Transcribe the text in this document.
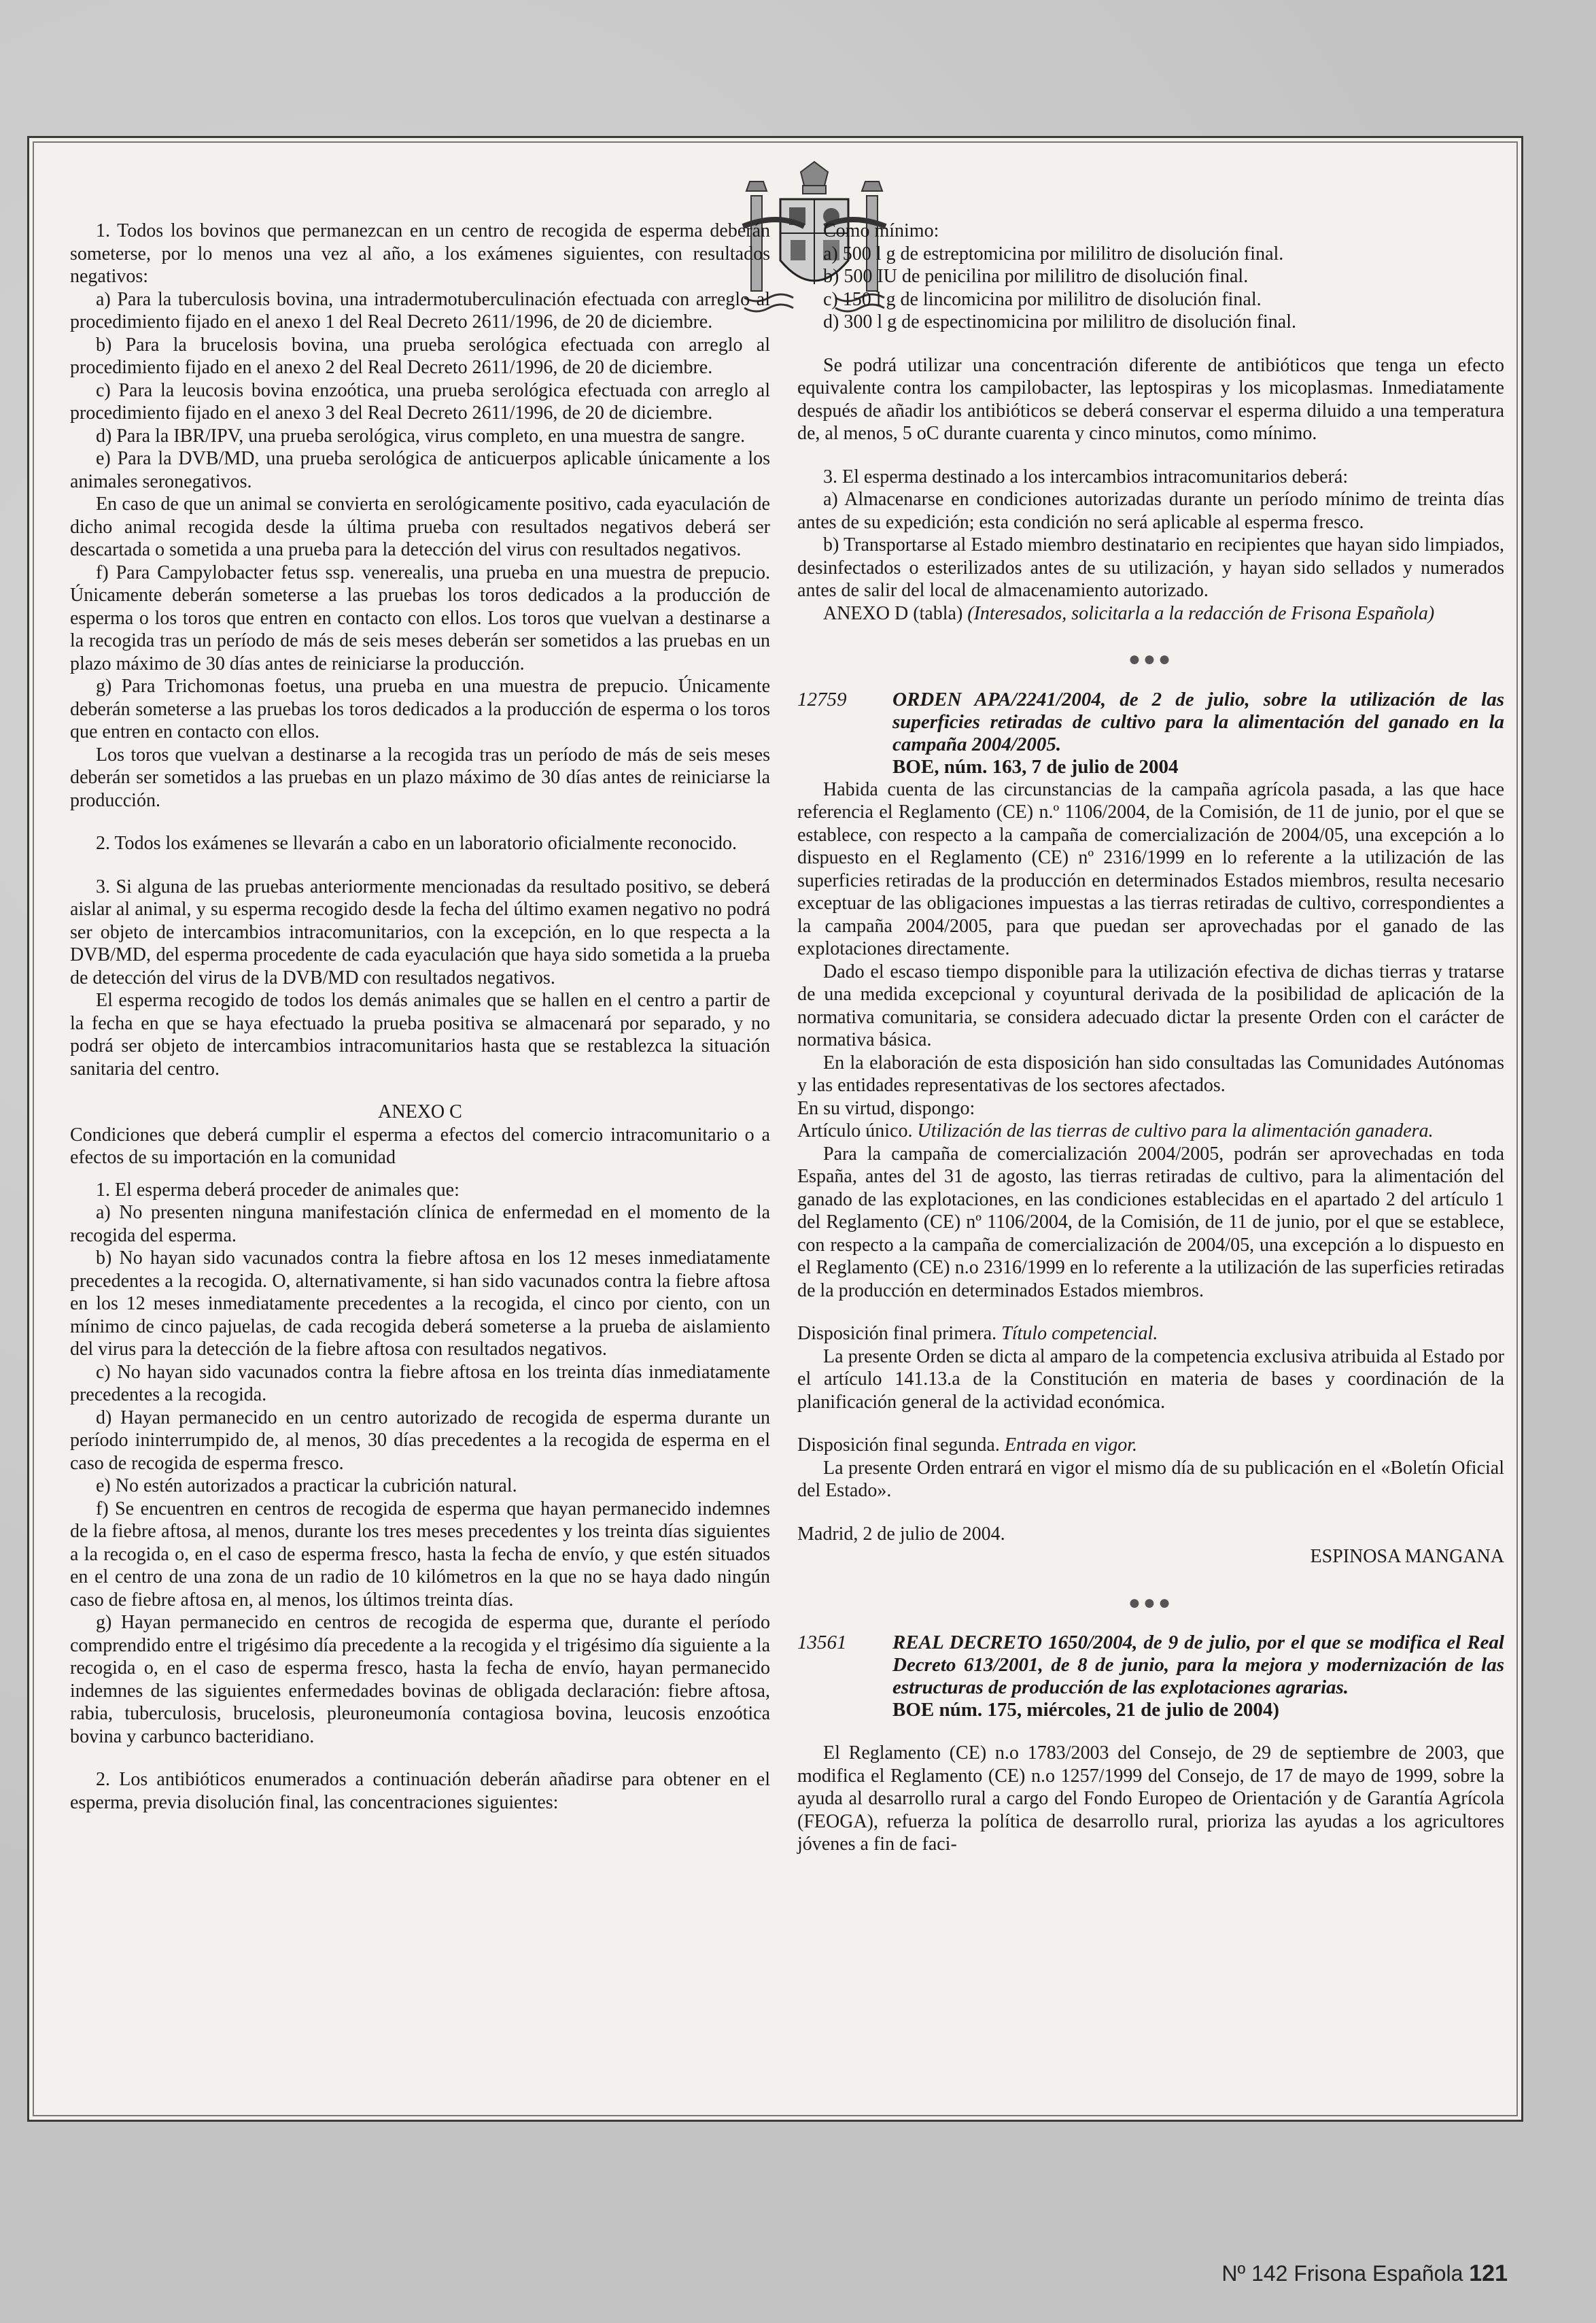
1. Todos los bovinos que permanezcan en un centro de recogida de esperma deberán someterse, por lo menos una vez al año, a los exámenes siguientes, con resultados negativos:

a) Para la tuberculosis bovina, una intradermotuberculinación efectuada con arreglo al procedimiento fijado en el anexo 1 del Real Decreto 2611/1996, de 20 de diciembre.

b) Para la brucelosis bovina, una prueba serológica efectuada con arreglo al procedimiento fijado en el anexo 2 del Real Decreto 2611/1996, de 20 de diciembre.

c) Para la leucosis bovina enzoótica, una prueba serológica efectuada con arreglo al procedimiento fijado en el anexo 3 del Real Decreto 2611/1996, de 20 de diciembre.

d) Para la IBR/IPV, una prueba serológica, virus completo, en una muestra de sangre.

e) Para la DVB/MD, una prueba serológica de anticuerpos aplicable únicamente a los animales seronegativos.

En caso de que un animal se convierta en serológicamente positivo, cada eyaculación de dicho animal recogida desde la última prueba con resultados negativos deberá ser descartada o sometida a una prueba para la detección del virus con resultados negativos.

f) Para Campylobacter fetus ssp. venerealis, una prueba en una muestra de prepucio. Únicamente deberán someterse a las pruebas los toros dedicados a la producción de esperma o los toros que entren en contacto con ellos. Los toros que vuelvan a destinarse a la recogida tras un período de más de seis meses deberán ser sometidos a las pruebas en un plazo máximo de 30 días antes de reiniciarse la producción.

g) Para Trichomonas foetus, una prueba en una muestra de prepucio. Únicamente deberán someterse a las pruebas los toros dedicados a la producción de esperma o los toros que entren en contacto con ellos.

Los toros que vuelvan a destinarse a la recogida tras un período de más de seis meses deberán ser sometidos a las pruebas en un plazo máximo de 30 días antes de reiniciarse la producción.

2. Todos los exámenes se llevarán a cabo en un laboratorio oficialmente reconocido.

3. Si alguna de las pruebas anteriormente mencionadas da resultado positivo, se deberá aislar al animal, y su esperma recogido desde la fecha del último examen negativo no podrá ser objeto de intercambios intracomunitarios, con la excepción, en lo que respecta a la DVB/MD, del esperma procedente de cada eyaculación que haya sido sometida a la prueba de detección del virus de la DVB/MD con resultados negativos.

El esperma recogido de todos los demás animales que se hallen en el centro a partir de la fecha en que se haya efectuado la prueba positiva se almacenará por separado, y no podrá ser objeto de intercambios intracomunitarios hasta que se restablezca la situación sanitaria del centro.

ANEXO C

Condiciones que deberá cumplir el esperma a efectos del comercio intracomunitario o a efectos de su importación en la comunidad

1. El esperma deberá proceder de animales que:

a) No presenten ninguna manifestación clínica de enfermedad en el momento de la recogida del esperma.

b) No hayan sido vacunados contra la fiebre aftosa en los 12 meses inmediatamente precedentes a la recogida. O, alternativamente, si han sido vacunados contra la fiebre aftosa en los 12 meses inmediatamente precedentes a la recogida, el cinco por ciento, con un mínimo de cinco pajuelas, de cada recogida deberá someterse a la prueba de aislamiento del virus para la detección de la fiebre aftosa con resultados negativos.

c) No hayan sido vacunados contra la fiebre aftosa en los treinta días inmediatamente precedentes a la recogida.

d) Hayan permanecido en un centro autorizado de recogida de esperma durante un período ininterrumpido de, al menos, 30 días precedentes a la recogida de esperma en el caso de recogida de esperma fresco.

e) No estén autorizados a practicar la cubrición natural.

f) Se encuentren en centros de recogida de esperma que hayan permanecido indemnes de la fiebre aftosa, al menos, durante los tres meses precedentes y los treinta días siguientes a la recogida o, en el caso de esperma fresco, hasta la fecha de envío, y que estén situados en el centro de una zona de un radio de 10 kilómetros en la que no se haya dado ningún caso de fiebre aftosa en, al menos, los últimos treinta días.

g) Hayan permanecido en centros de recogida de esperma que, durante el período comprendido entre el trigésimo día precedente a la recogida y el trigésimo día siguiente a la recogida o, en el caso de esperma fresco, hasta la fecha de envío, hayan permanecido indemnes de las siguientes enfermedades bovinas de obligada declaración: fiebre aftosa, rabia, tuberculosis, brucelosis, pleuroneumonía contagiosa bovina, leucosis enzoótica bovina y carbunco bacteridiano.

2. Los antibióticos enumerados a continuación deberán añadirse para obtener en el esperma, previa disolución final, las concentraciones siguientes:

Como mínimo:

a) 500 l g de estreptomicina por mililitro de disolución final.

b) 500 IU de penicilina por mililitro de disolución final.

c) 150 l g de lincomicina por mililitro de disolución final.

d) 300 l g de espectinomicina por mililitro de disolución final.

Se podrá utilizar una concentración diferente de antibióticos que tenga un efecto equivalente contra los campilobacter, las leptospiras y los micoplasmas. Inmediatamente después de añadir los antibióticos se deberá conservar el esperma diluido a una temperatura de, al menos, 5 oC durante cuarenta y cinco minutos, como mínimo.

3. El esperma destinado a los intercambios intracomunitarios deberá:

a) Almacenarse en condiciones autorizadas durante un período mínimo de treinta días antes de su expedición; esta condición no será aplicable al esperma fresco.

b) Transportarse al Estado miembro destinatario en recipientes que hayan sido limpiados, desinfectados o esterilizados antes de su utilización, y hayan sido sellados y numerados antes de salir del local de almacenamiento autorizado.

ANEXO D (tabla) (Interesados, solicitarla a la redacción de Frisona Española)

●●●
12759	ORDEN APA/2241/2004, de 2 de julio, sobre la utilización de las superficies retiradas de cultivo para la alimentación del ganado en la campaña 2004/2005.
BOE, núm. 163, 7 de julio de 2004

Habida cuenta de las circunstancias de la campaña agrícola pasada, a las que hace referencia el Reglamento (CE) n.º 1106/2004, de la Comisión, de 11 de junio, por el que se establece, con respecto a la campaña de comercialización de 2004/05, una excepción a lo dispuesto en el Reglamento (CE) nº 2316/1999 en lo referente a la utilización de las superficies retiradas de la producción en determinados Estados miembros, resulta necesario exceptuar de las obligaciones impuestas a las tierras retiradas de cultivo, correspondientes a la campaña 2004/2005, para que puedan ser aprovechadas por el ganado de las explotaciones directamente.

Dado el escaso tiempo disponible para la utilización efectiva de dichas tierras y tratarse de una medida excepcional y coyuntural derivada de la posibilidad de aplicación de la normativa comunitaria, se considera adecuado dictar la presente Orden con el carácter de normativa básica.

En la elaboración de esta disposición han sido consultadas las Comunidades Autónomas y las entidades representativas de los sectores afectados.

En su virtud, dispongo:

Artículo único. Utilización de las tierras de cultivo para la alimentación ganadera.

Para la campaña de comercialización 2004/2005, podrán ser aprovechadas en toda España, antes del 31 de agosto, las tierras retiradas de cultivo, para la alimentación del ganado de las explotaciones, en las condiciones establecidas en el apartado 2 del artículo 1 del Reglamento (CE) nº 1106/2004, de la Comisión, de 11 de junio, por el que se establece, con respecto a la campaña de comercialización de 2004/05, una excepción a lo dispuesto en el Reglamento (CE) n.o 2316/1999 en lo referente a la utilización de las superficies retiradas de la producción en determinados Estados miembros.

Disposición final primera. Título competencial.

La presente Orden se dicta al amparo de la competencia exclusiva atribuida al Estado por el artículo 141.13.a de la Constitución en materia de bases y coordinación de la planificación general de la actividad económica.

Disposición final segunda. Entrada en vigor.

La presente Orden entrará en vigor el mismo día de su publicación en el «Boletín Oficial del Estado».

Madrid, 2 de julio de 2004.

ESPINOSA MANGANA

●●●
13561	REAL DECRETO 1650/2004, de 9 de julio, por el que se modifica el Real Decreto 613/2001, de 8 de junio, para la mejora y modernización de las estructuras de producción de las explotaciones agrarias.
BOE núm. 175, miércoles, 21 de julio de 2004)

El Reglamento (CE) n.o 1783/2003 del Consejo, de 29 de septiembre de 2003, que modifica el Reglamento (CE) n.o 1257/1999 del Consejo, de 17 de mayo de 1999, sobre la ayuda al desarrollo rural a cargo del Fondo Europeo de Orientación y de Garantía Agrícola (FEOGA), refuerza la política de desarrollo rural, prioriza las ayudas a los agricultores jóvenes a fin de faci-

Nº 142 Frisona Española 121
